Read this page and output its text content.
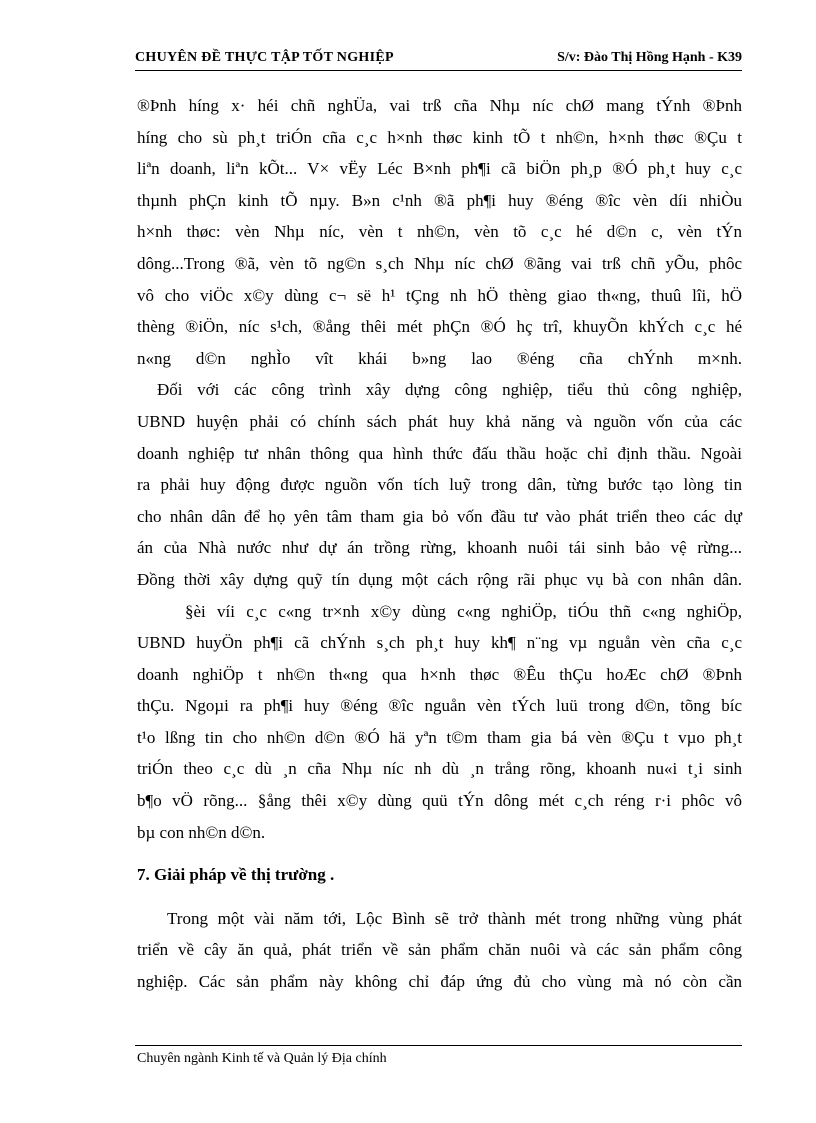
CHUYÊN ĐỀ THỰC TẬP TỐT NGHIỆP	S/v: Đào Thị Hồng Hạnh - K39
®Þnh híng x· héi chñ nghÜa, vai trß cña Nhµ níc chØ mang tÝnh ®Þnh
híng cho sù ph¸t triÓn cña c¸c h×nh thøc kinh tÕ t nh©n, h×nh thøc ®Çu t
liªn doanh, liªn kÕt... V× vËy Léc B×nh ph¶i cã biÖn ph¸p ®Ó ph¸t huy c¸c
thµnh phÇn kinh tÕ nµy. B»n c¹nh ®ã ph¶i huy ®éng ®îc vèn díi nhiÒu
h×nh thøc: vèn Nhµ níc, vèn t nh©n, vèn tõ c¸c hé d©n c, vèn tÝn
dông...Trong ®ã, vèn tõ ng©n s¸ch Nhµ níc chØ ®ãng vai trß chñ yÕu, phôc
vô cho viÖc x©y dùng c¬ së h¹ tÇng nh hÖ thèng giao th«ng, thuû lîi, hÖ
thèng ®iÖn, níc s¹ch, ®ång thêi mét phÇn ®Ó hç trî, khuyÕn khÝch c¸c hé
n«ng d©n nghÌo vît khái b»ng lao ®éng cña chÝnh m×nh.
Đối với các công trình xây dựng công nghiệp, tiểu thủ công nghiệp,
UBND huyện phải có chính sách phát huy khả năng và nguồn vốn của các
doanh nghiệp tư nhân thông qua hình thức đấu thầu hoặc chỉ định thầu. Ngoài
ra phải huy động được nguồn vốn tích luỹ trong dân, từng bước tạo lòng tin
cho nhân dân để họ yên tâm tham gia bỏ vốn đầu tư vào phát triển theo các dự
án của Nhà nước như dự án trồng rừng, khoanh nuôi tái sinh bảo vệ rừng...
Đồng thời xây dựng quỹ tín dụng một cách rộng rãi phục vụ bà con nhân dân.
§èi víi c¸c c«ng tr×nh x©y dùng c«ng nghiÖp, tiÓu thñ c«ng nghiÖp,
UBND huyÖn ph¶i cã chÝnh s¸ch ph¸t huy kh¶ n¨ng vµ nguån vèn cña c¸c
doanh nghiÖp t nh©n th«ng qua h×nh thøc ®Êu thÇu hoÆc chØ ®Þnh
thÇu. Ngoµi ra ph¶i huy ®éng ®îc nguån vèn tÝch luü trong d©n, tõng bíc
t¹o lßng tin cho nh©n d©n ®Ó hä yªn t©m tham gia bá vèn ®Çu t vµo ph¸t
triÓn theo c¸c dù ¸n cña Nhµ níc nh dù ¸n trång rõng, khoanh nu«i t¸i sinh
b¶o vÖ rõng... §ång thêi x©y dùng quü tÝn dông mét c¸ch réng r·i phôc vô
bµ con nh©n d©n.
7. Giải pháp về thị trường .
Trong một vài năm tới, Lộc Bình sẽ trở thành mét trong những vùng phát
triển về cây ăn quả, phát triển về sản phẩm chăn nuôi và các sản phẩm công
nghiệp. Các sản phẩm này không chỉ đáp ứng đủ cho vùng mà nó còn cần
Chuyên ngành Kinh tế và Quản lý Địa chính
